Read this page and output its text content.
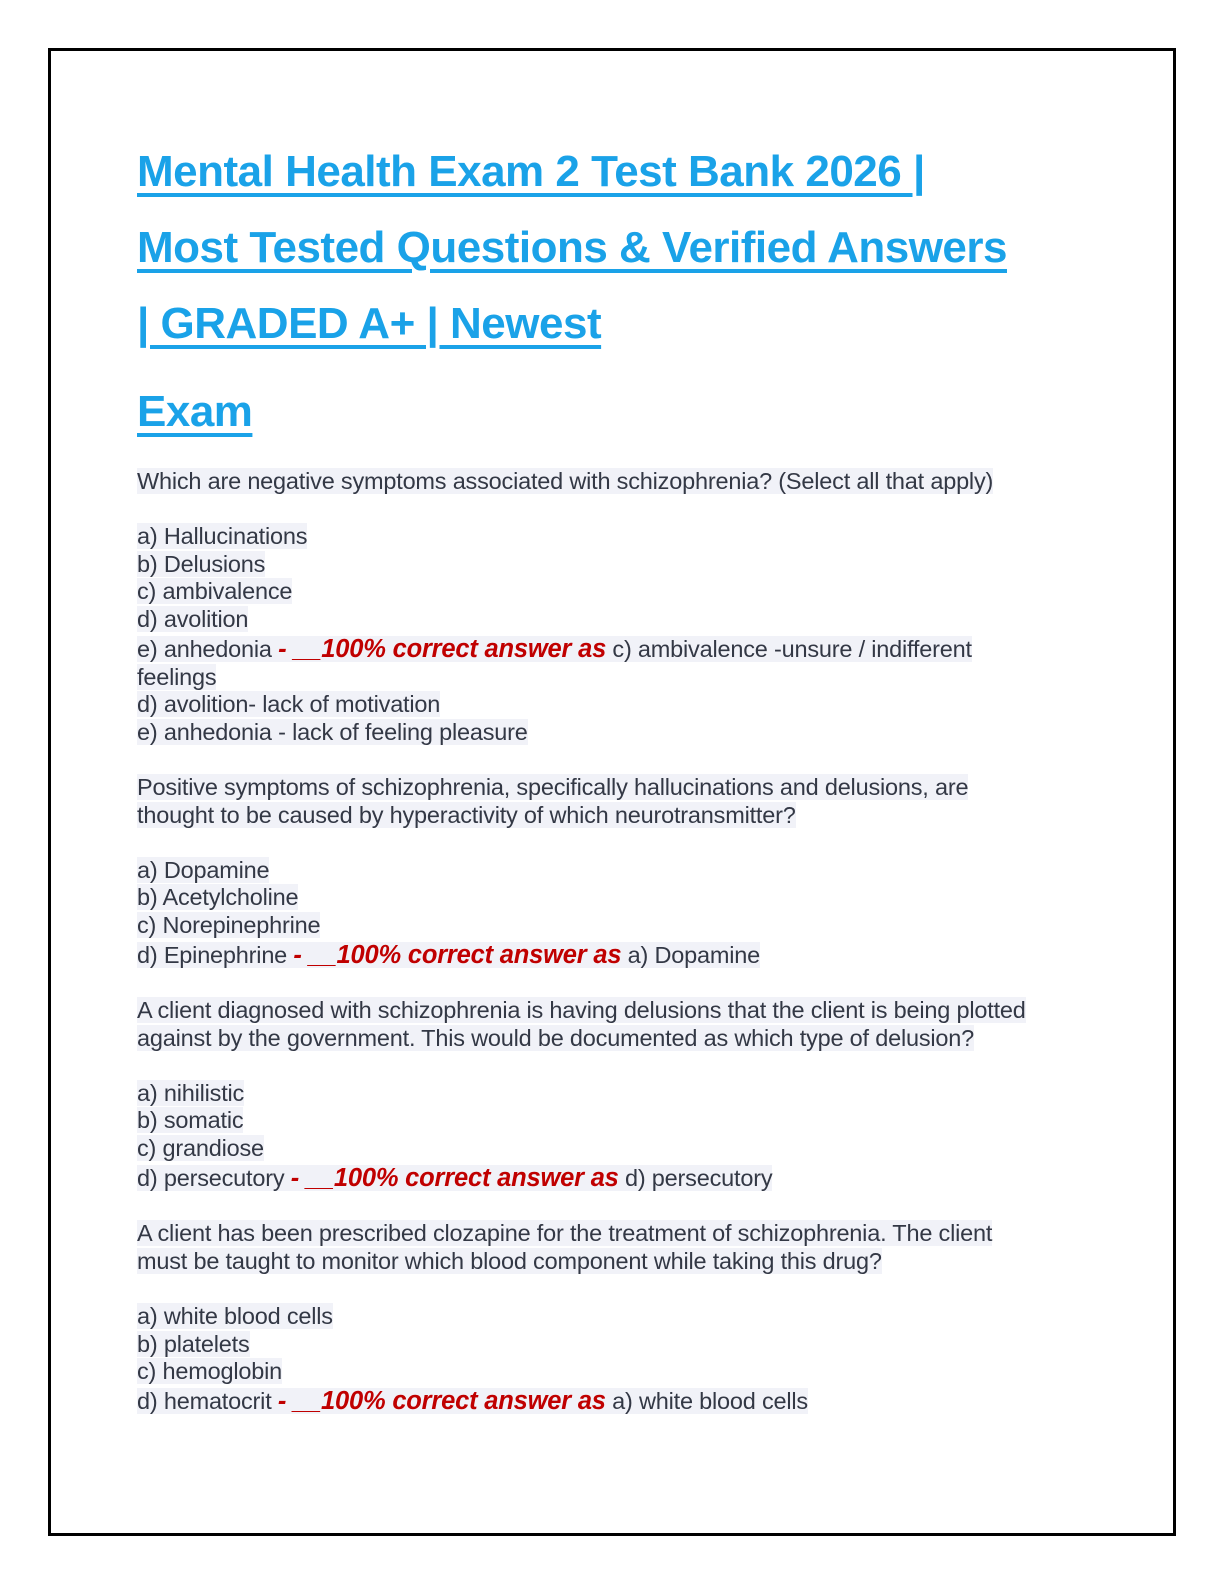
Mental Health Exam 2 Test Bank 2026 |
Most Tested Questions & Verified Answers
| GRADED A+ | Newest
Exam
Which are negative symptoms associated with schizophrenia? (Select all that apply)
a) Hallucinations
b) Delusions
c) ambivalence
d) avolition
e) anhedonia - __100% correct answer as c) ambivalence -unsure / indifferent
feelings
d) avolition- lack of motivation
e) anhedonia - lack of feeling pleasure
Positive symptoms of schizophrenia, specifically hallucinations and delusions, are
thought to be caused by hyperactivity of which neurotransmitter?
a) Dopamine
b) Acetylcholine
c) Norepinephrine
d) Epinephrine - __100% correct answer as a) Dopamine
A client diagnosed with schizophrenia is having delusions that the client is being plotted
against by the government. This would be documented as which type of delusion?
a) nihilistic
b) somatic
c) grandiose
d) persecutory - __100% correct answer as d) persecutory
A client has been prescribed clozapine for the treatment of schizophrenia. The client
must be taught to monitor which blood component while taking this drug?
a) white blood cells
b) platelets
c) hemoglobin
d) hematocrit - __100% correct answer as a) white blood cells
